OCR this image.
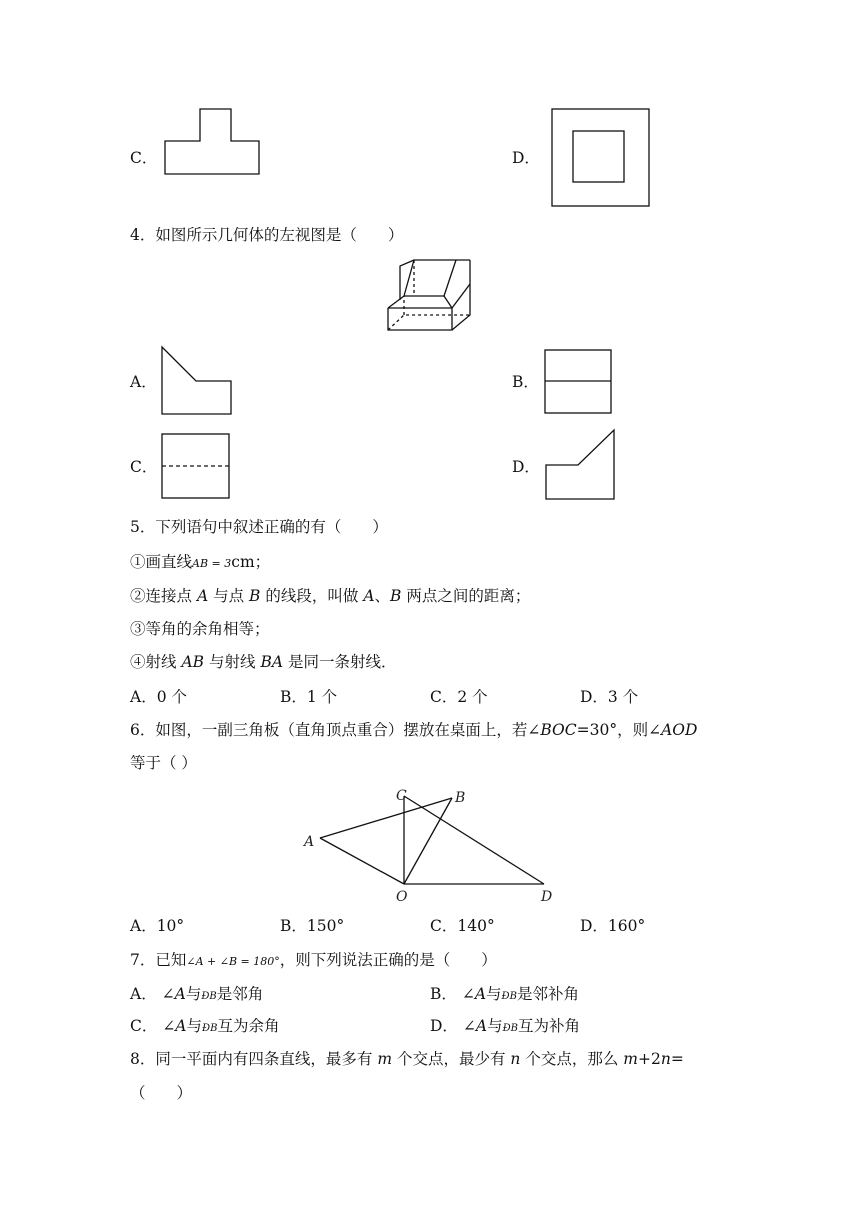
C．	D．
4．如图所示几何体的左视图是（　　）
A．	B．
C．	D．
5．下列语句中叙述正确的有（　　）
①画直线AB = 3cm；
②连接点 A 与点 B 的线段，叫做 A、B 两点之间的距离；
③等角的余角相等；
④射线 AB 与射线 BA 是同一条射线．
A．0 个	B．1 个	C．2 个	D．3 个
6．如图，一副三角板（直角顶点重合）摆放在桌面上，若∠BOC=30°，则∠AOD
等于（ ）
A
B
C
O	D
A．10°	B．150°	C．140°	D．160°
7．已知∠A + ∠B = 180°，则下列说法正确的是（　　）
A． ∠A与ÐB是邻角	B． ∠A与ÐB是邻补角
C． ∠A与ÐB互为余角	D． ∠A与ÐB互为补角
8．同一平面内有四条直线，最多有 m 个交点，最少有 n 个交点，那么 m+2n=
（　　）
